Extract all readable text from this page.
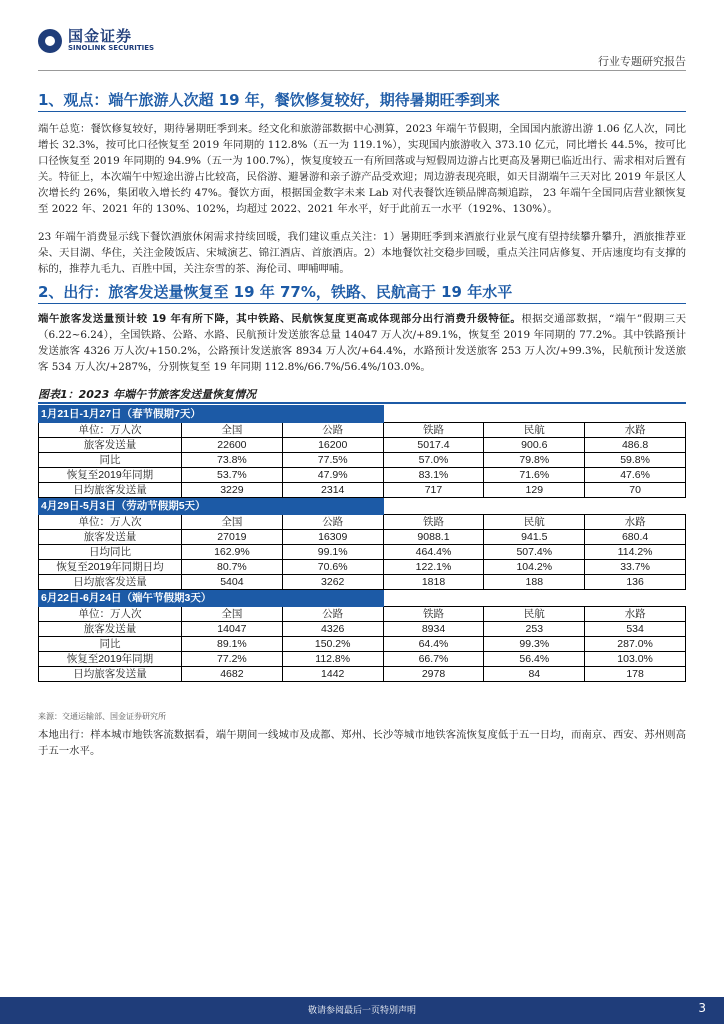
国金证券
SINOLINK SECURITIES
行业专题研究报告
1、观点：端午旅游人次超 19 年，餐饮修复较好，期待暑期旺季到来
端午总览：餐饮修复较好，期待暑期旺季到来。经文化和旅游部数据中心测算，2023 年端午节假期，全国国内旅游出游 1.06 亿人次，同比增长 32.3%，按可比口径恢复至 2019 年同期的 112.8%（五一为 119.1%），实现国内旅游收入 373.10 亿元，同比增长 44.5%，按可比口径恢复至 2019 年同期的 94.9%（五一为 100.7%），恢复度较五一有所回落或与短假周边游占比更高及暑期已临近出行、需求相对后置有关。特征上，本次端午中短途出游占比较高，民俗游、避暑游和亲子游产品受欢迎；周边游表现亮眼，如天目湖端午三天对比 2019 年景区人次增长约 26%，集团收入增长约 47%。餐饮方面，根据国金数字未来 Lab 对代表餐饮连锁品牌高频追踪， 23 年端午全国同店营业额恢复至 2022 年、2021 年的 130%、102%，均超过 2022、2021 年水平，好于此前五一水平（192%、130%）。
23 年端午消费显示线下餐饮酒旅休闲需求持续回暖，我们建议重点关注：1）暑期旺季到来酒旅行业景气度有望持续攀升攀升，酒旅推荐亚朵、天目湖、华住，关注金陵饭店、宋城演艺、锦江酒店、首旅酒店。2）本地餐饮社交稳步回暖，重点关注同店修复、开店速度均有支撑的标的，推荐九毛九、百胜中国，关注奈雪的茶、海伦司、呷哺呷哺。
2、出行：旅客发送量恢复至 19 年 77%，铁路、民航高于 19 年水平
端午旅客发送量预计较 19 年有所下降，其中铁路、民航恢复度更高或体现部分出行消费升级特征。根据交通部数据，“端午”假期三天（6.22~6.24），全国铁路、公路、水路、民航预计发送旅客总量 14047 万人次/+89.1%，恢复至 2019 年同期的 77.2%。其中铁路预计发送旅客 4326 万人次/+150.2%，公路预计发送旅客 8934 万人次/+64.4%，水路预计发送旅客 253 万人次/+99.3%，民航预计发送旅客 534 万人次/+287%，分别恢复至 19 年同期 112.8%/66.7%/56.4%/103.0%。
图表1：2023 年端午节旅客发送量恢复情况
1月21日-1月27日（春节假期7天）					
单位：万人次	全国	公路	铁路	民航	水路
旅客发送量	22600	16200	5017.4	900.6	486.8
同比	73.8%	77.5%	57.0%	79.8%	59.8%
恢复至2019年同期	53.7%	47.9%	83.1%	71.6%	47.6%
日均旅客发送量	3229	2314	717	129	70
4月29日-5月3日（劳动节假期5天）					
单位：万人次	全国	公路	铁路	民航	水路
旅客发送量	27019	16309	9088.1	941.5	680.4
日均同比	162.9%	99.1%	464.4%	507.4%	114.2%
恢复至2019年同期日均	80.7%	70.6%	122.1%	104.2%	33.7%
日均旅客发送量	5404	3262	1818	188	136
6月22日-6月24日（端午节假期3天）					
单位：万人次	全国	公路	铁路	民航	水路
旅客发送量	14047	4326	8934	253	534
同比	89.1%	150.2%	64.4%	99.3%	287.0%
恢复至2019年同期	77.2%	112.8%	66.7%	56.4%	103.0%
日均旅客发送量	4682	1442	2978	84	178
来源：交通运输部、国金证券研究所
本地出行：样本城市地铁客流数据看，端午期间一线城市及成都、郑州、长沙等城市地铁客流恢复度低于五一日均，而南京、西安、苏州则高于五一水平。
敬请参阅最后一页特别声明	3
